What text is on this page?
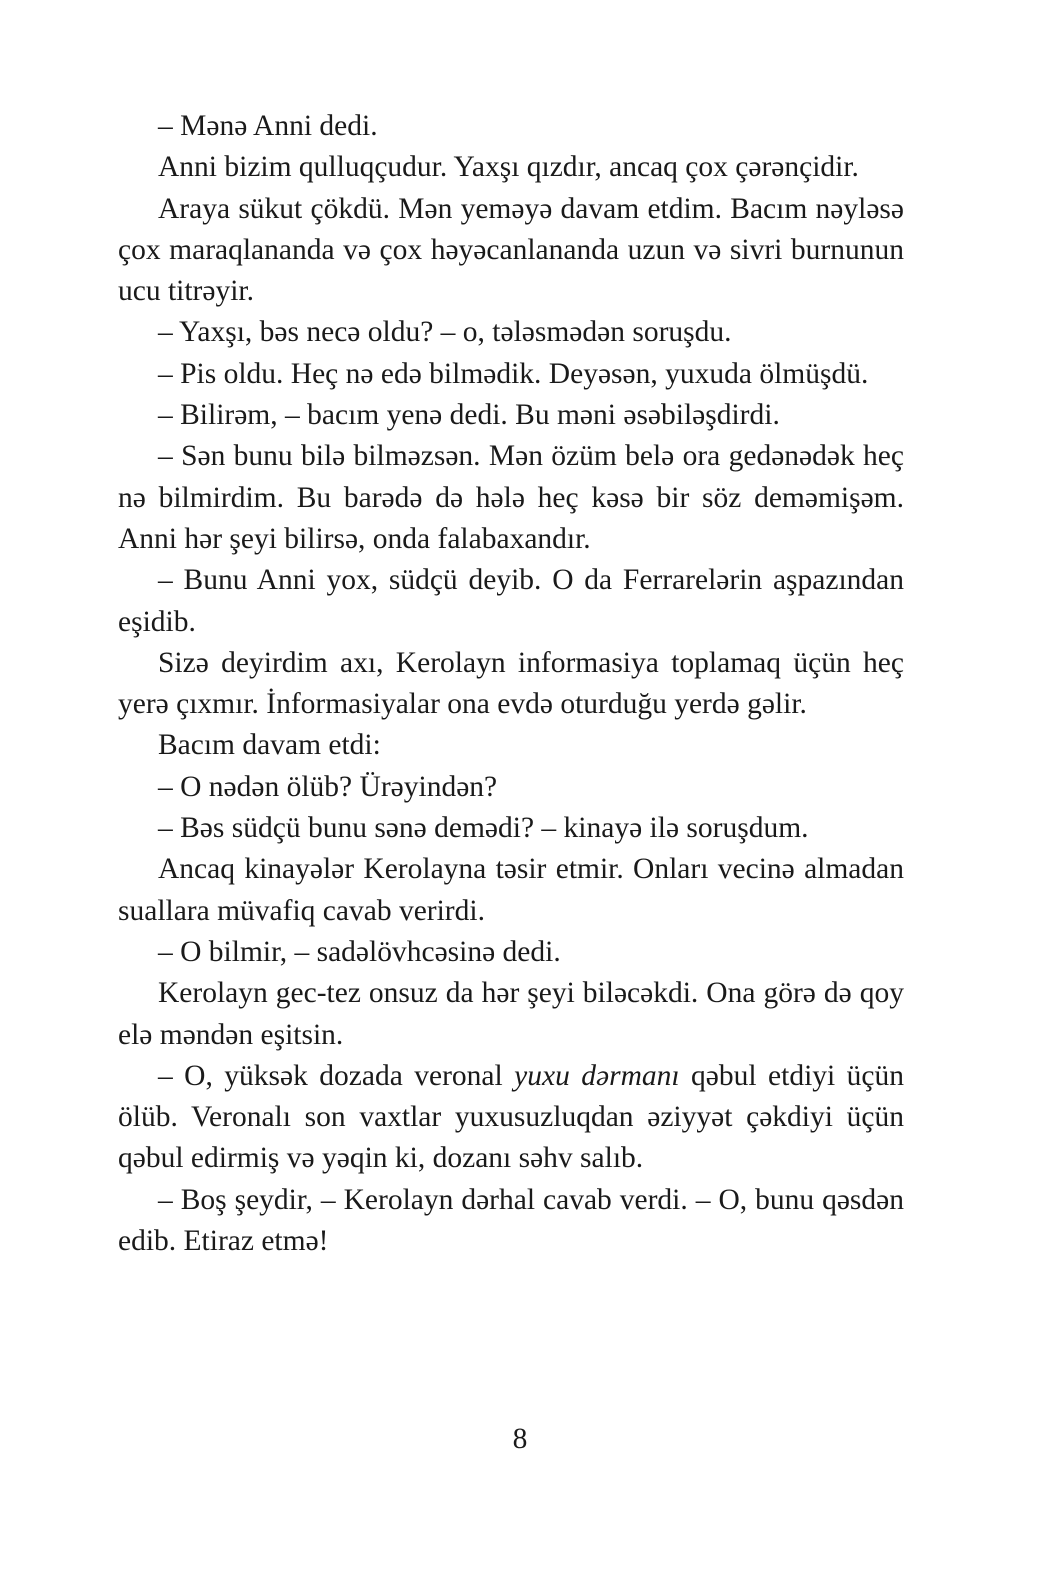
– Mənə Anni dedi.

Anni bizim qulluqçudur. Yaxşı qızdır, ancaq çox çərənçidir.

Araya sükut çökdü. Mən yeməyə davam etdim. Bacım nəyləsə çox maraqlananda və çox həyəcanlananda uzun və sivri burnunun ucu titrəyir.

– Yaxşı, bəs necə oldu? – o, tələsmədən soruşdu.

– Pis oldu. Heç nə edə bilmədik. Deyəsən, yuxuda ölmüşdü.

– Bilirəm, – bacım yenə dedi. Bu məni əsəbiləşdirdi.

– Sən bunu bilə bilməzsən. Mən özüm belə ora gedənədək heç nə bilmirdim. Bu barədə də hələ heç kəsə bir söz deməmişəm. Anni hər şeyi bilirsə, onda falabaxandır.

– Bunu Anni yox, südçü deyib. O da Ferrarelərin aşpazından eşidib.

Sizə deyirdim axı, Kerolayn informasiya toplamaq üçün heç yerə çıxmır. İnformasiyalar ona evdə oturduğu yerdə gəlir.

Bacım davam etdi:

– O nədən ölüb? Ürəyindən?

– Bəs südçü bunu sənə demədi? – kinayə ilə soruşdum.

Ancaq kinayələr Kerolayna təsir etmir. Onları vecinə almadan suallara müvafiq cavab verirdi.

– O bilmir, – sadəlövhcəsinə dedi.

Kerolayn gec-tez onsuz da hər şeyi biləcəkdi. Ona görə də qoy elə məndən eşitsin.

– O, yüksək dozada veronal yuxu dərmanı qəbul etdiyi üçün ölüb. Veronalı son vaxtlar yuxusuzluqdan əziyyət çəkdiyi üçün qəbul edirmiş və yəqin ki, dozanı səhv salıb.

– Boş şeydir, – Kerolayn dərhal cavab verdi. – O, bunu qəsdən edib. Etiraz etmə!

8
